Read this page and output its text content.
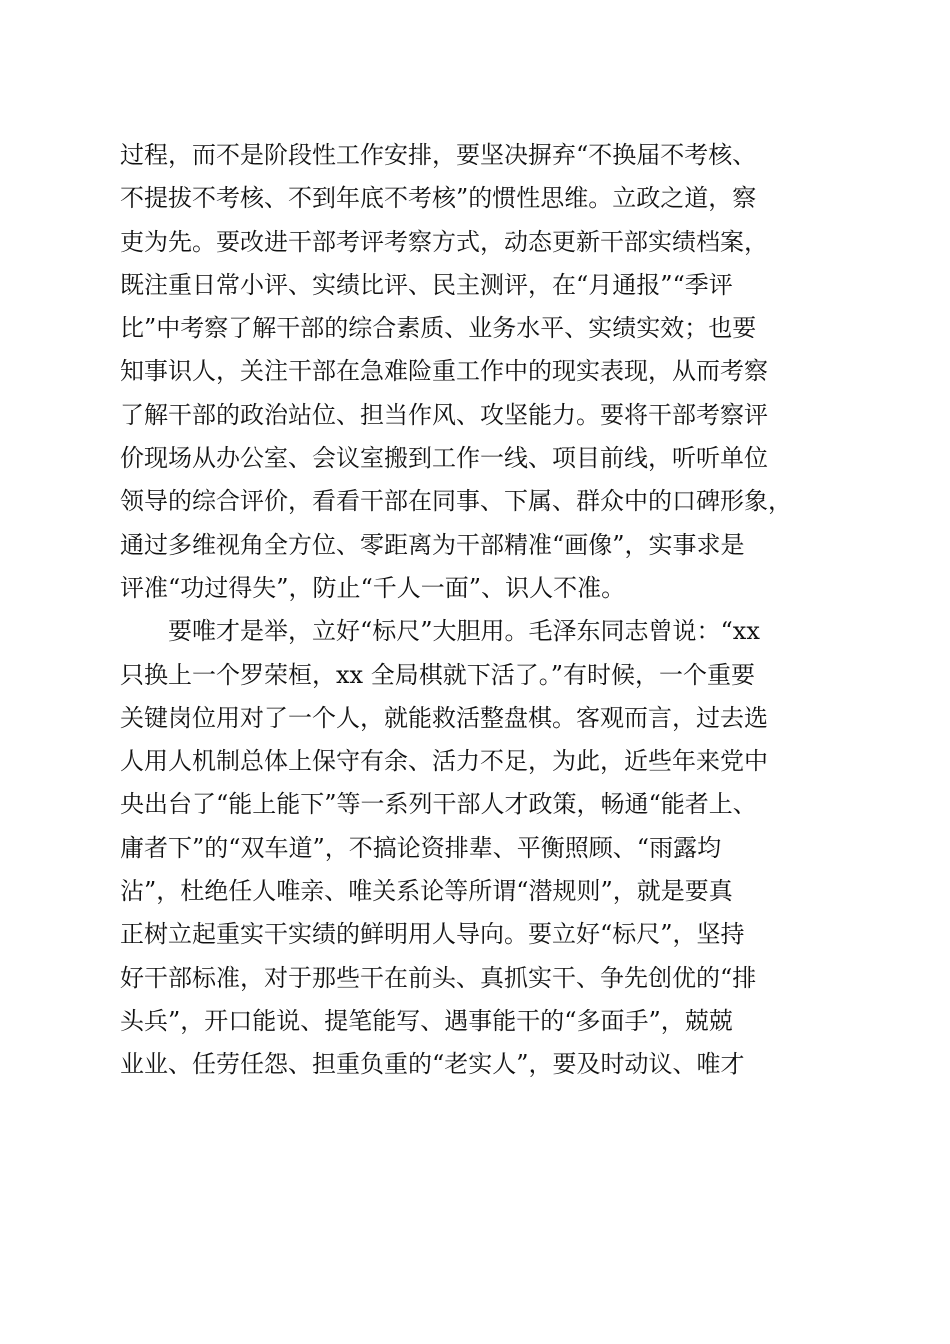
过程，而不是阶段性工作安排，要坚决摒弃“不换届不考核、
不提拔不考核、不到年底不考核”的惯性思维。立政之道，察
吏为先。要改进干部考评考察方式，动态更新干部实绩档案，
既注重日常小评、实绩比评、民主测评，在“月通报”“季评
比”中考察了解干部的综合素质、业务水平、实绩实效；也要
知事识人，关注干部在急难险重工作中的现实表现，从而考察
了解干部的政治站位、担当作风、攻坚能力。要将干部考察评
价现场从办公室、会议室搬到工作一线、项目前线，听听单位
领导的综合评价，看看干部在同事、下属、群众中的口碑形象，
通过多维视角全方位、零距离为干部精准“画像”，实事求是
评准“功过得失”，防止“千人一面”、识人不准。
　　要唯才是举，立好“标尺”大胆用。毛泽东同志曾说：“xx
只换上一个罗荣桓，xx 全局棋就下活了。”有时候，一个重要
关键岗位用对了一个人，就能救活整盘棋。客观而言，过去选
人用人机制总体上保守有余、活力不足，为此，近些年来党中
央出台了“能上能下”等一系列干部人才政策，畅通“能者上、
庸者下”的“双车道”，不搞论资排辈、平衡照顾、“雨露均
沾”，杜绝任人唯亲、唯关系论等所谓“潜规则”，就是要真
正树立起重实干实绩的鲜明用人导向。要立好“标尺”，坚持
好干部标准，对于那些干在前头、真抓实干、争先创优的“排
头兵”，开口能说、提笔能写、遇事能干的“多面手”，兢兢
业业、任劳任怨、担重负重的“老实人”，要及时动议、唯才
